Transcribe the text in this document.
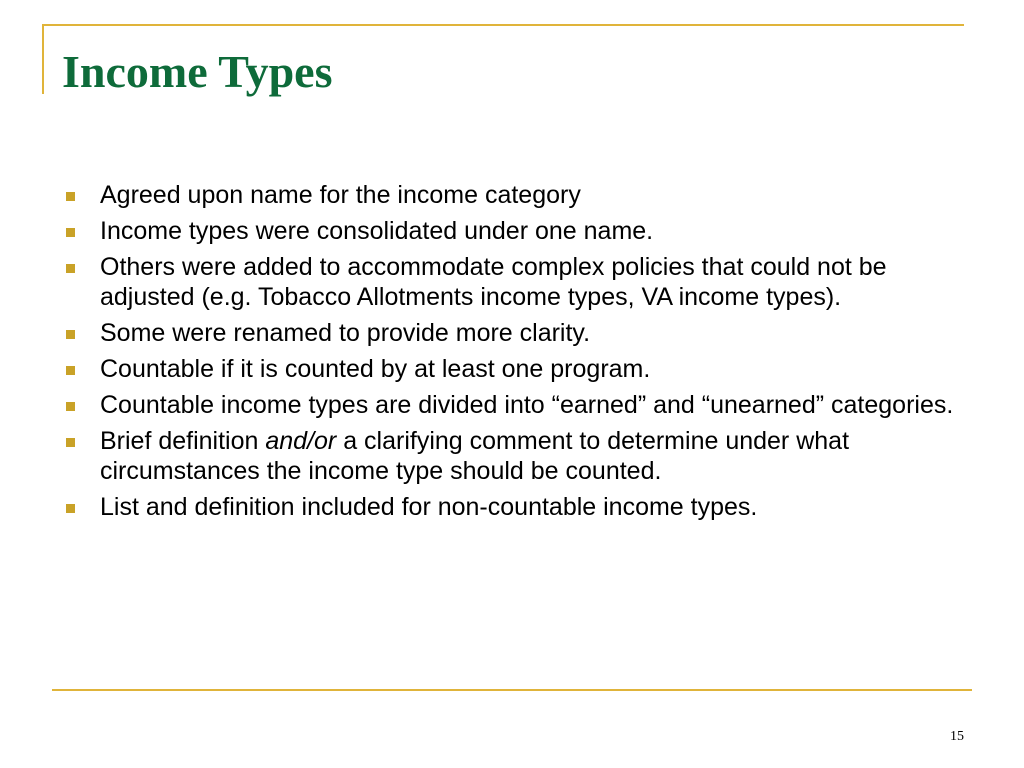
Income Types
Agreed upon name for the income category
Income types were consolidated under one name.
Others were added to accommodate complex policies that could not be adjusted (e.g. Tobacco Allotments income types, VA income types).
Some were renamed to provide more clarity.
Countable if it is counted by at least one program.
Countable income types are divided into “earned” and “unearned” categories.
Brief definition and/or a clarifying comment to determine under what circumstances the income type should be counted.
List and definition included for non-countable income types.
15
